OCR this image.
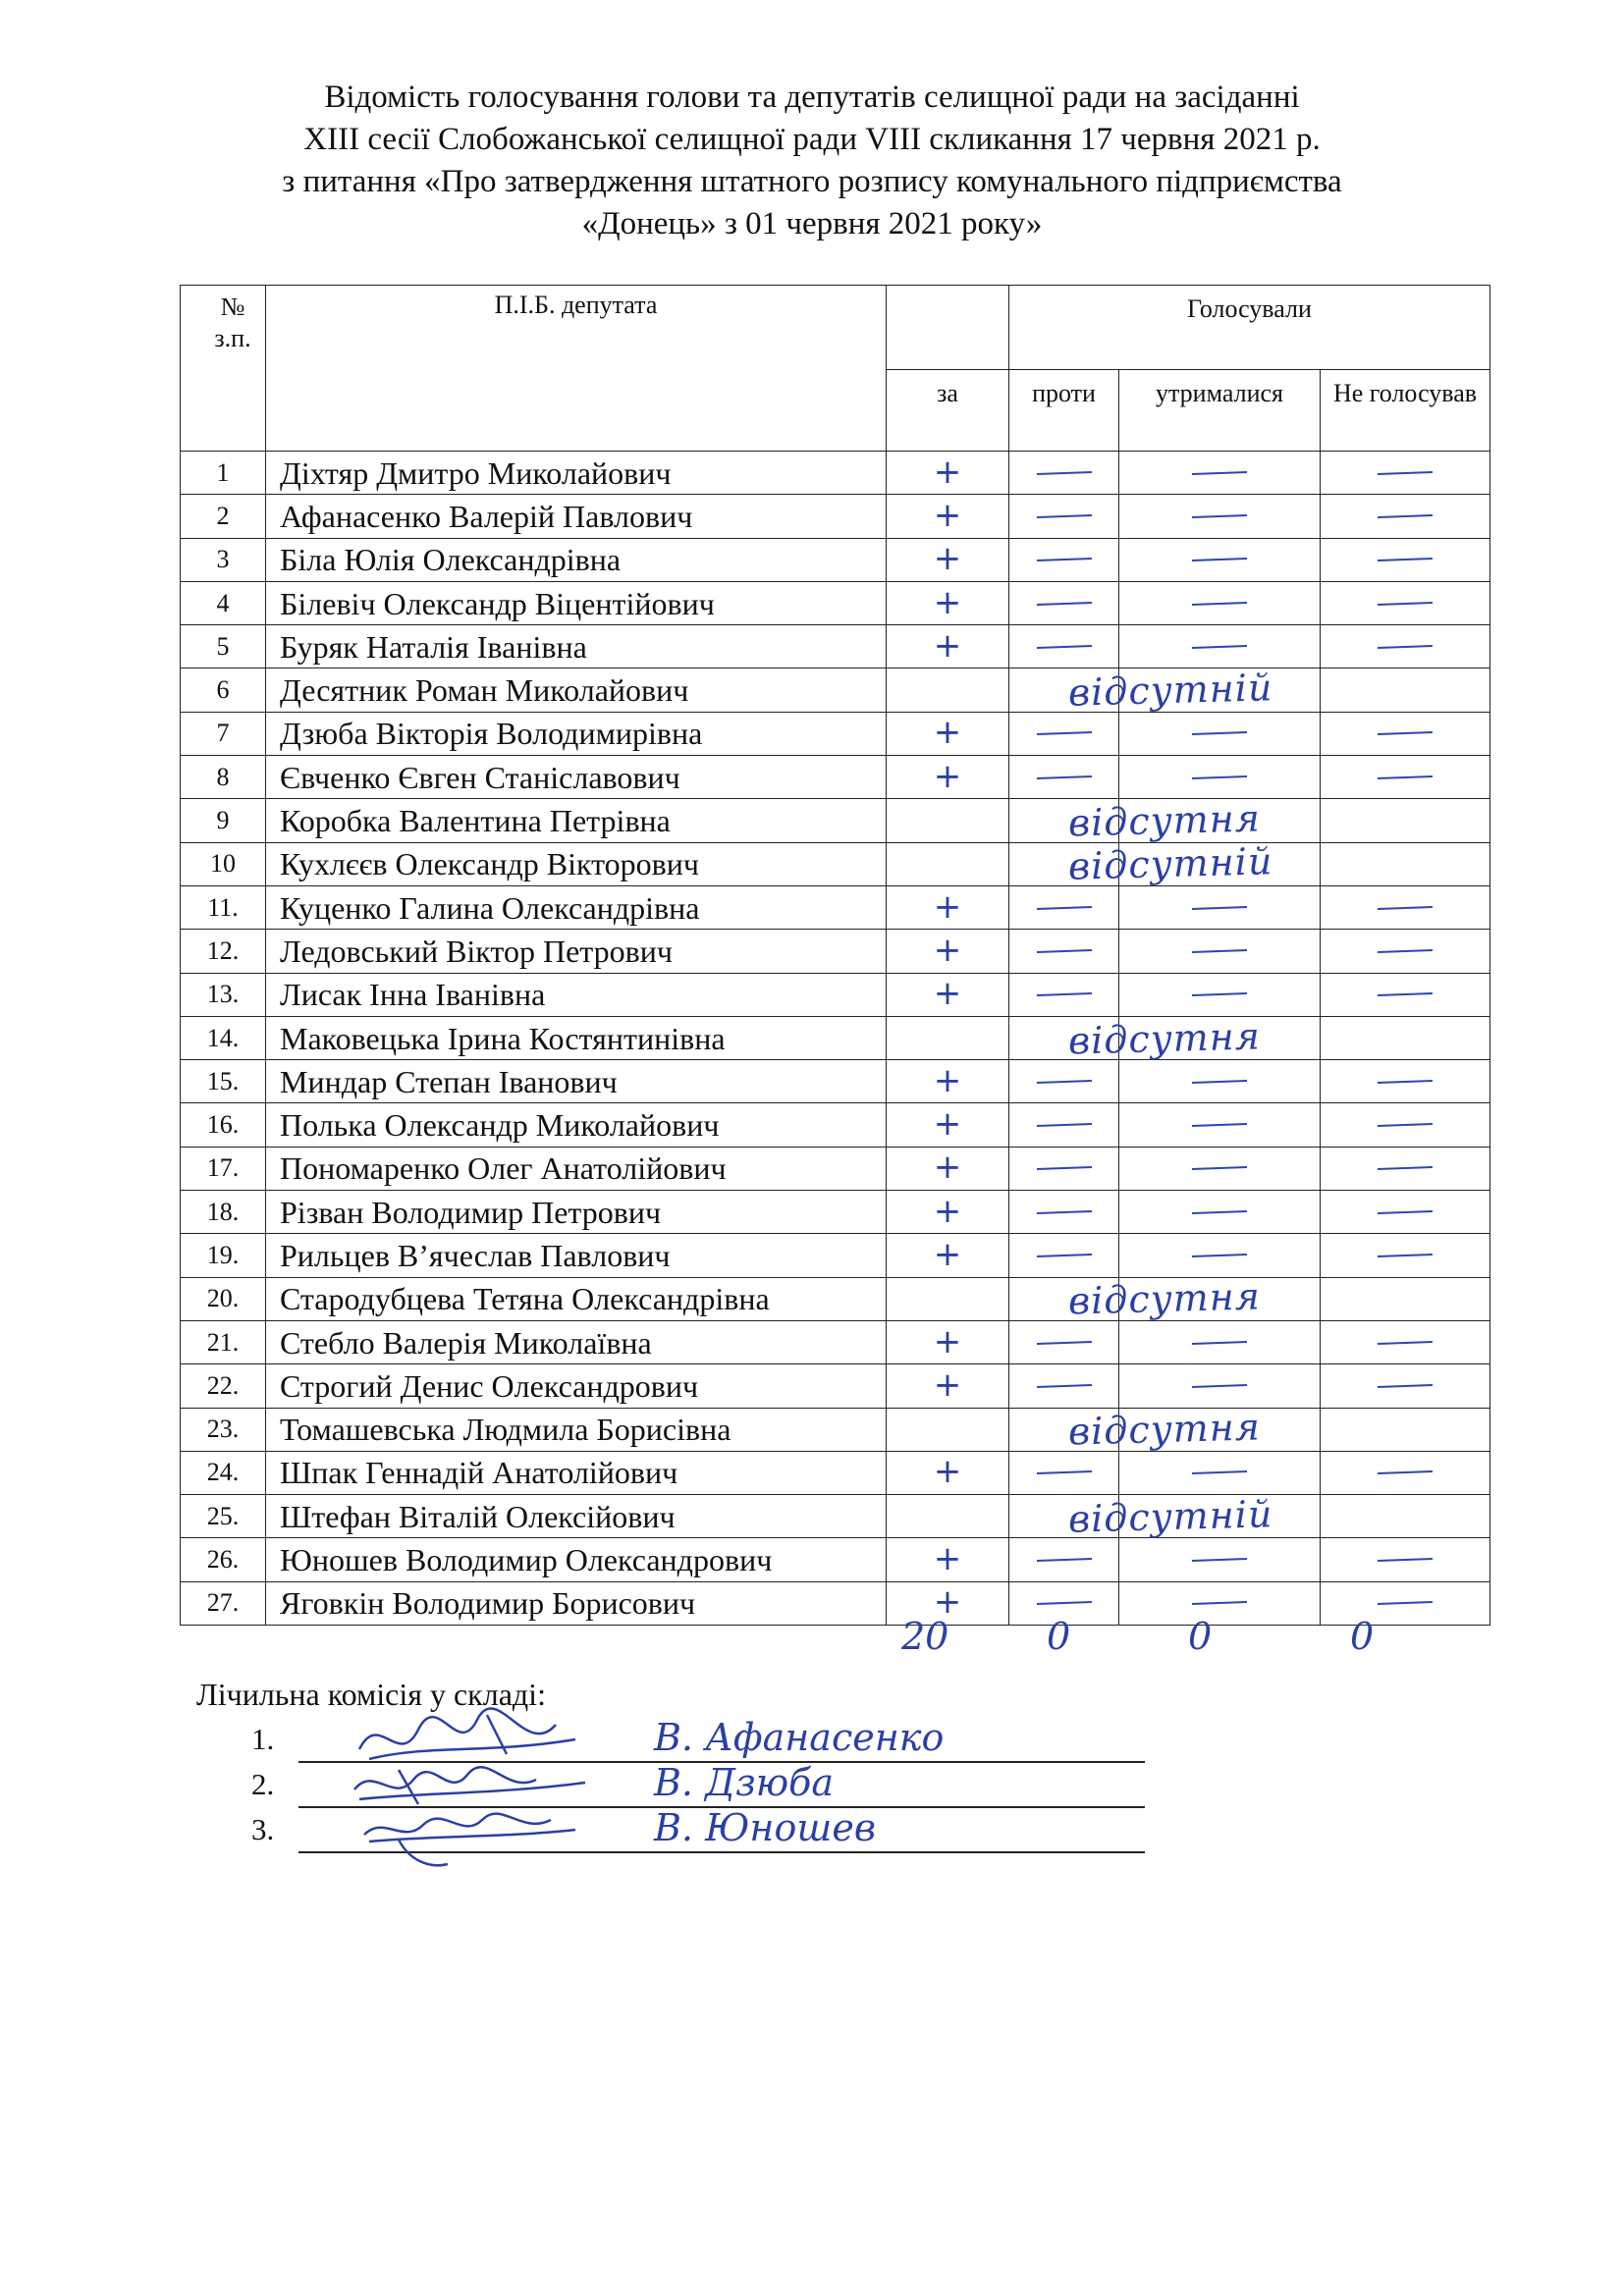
Відомість голосування голови та депутатів селищної ради на засіданні
XIII сесії Слобожанської селищної ради VIII скликання 17 червня 2021 р.
з питання «Про затвердження штатного розпису комунального підприємства
«Донець» з 01 червня 2021 року»
№ з.п.	П.І.Б. депутата		Голосували		
		за	проти	утрималися	Не голосував
1	Діхтяр Дмитро Миколайович	+			

2	Афанасенко Валерій Павлович	+			

3	Біла Юлія Олександрівна	+			

4	Білевіч Олександр Віцентійович	+			

5	Буряк Наталія Іванівна	+			

6	Десятник Роман Миколайович		відсутній		

7	Дзюба Вікторія Володимирівна	+			

8	Євченко Євген Станіславович	+			

9	Коробка Валентина Петрівна		відсутня		

10	Кухлєєв Олександр Вікторович		відсутній		

11.	Куценко Галина Олександрівна	+			

12.	Ледовський Віктор Петрович	+			

13.	Лисак Інна Іванівна	+			

14.	Маковецька Ірина Костянтинівна		відсутня		

15.	Миндар Степан Іванович	+			

16.	Полька Олександр Миколайович	+			

17.	Пономаренко Олег Анатолійович	+			

18.	Різван Володимир Петрович	+			

19.	Рильцев В’ячеслав Павлович	+			

20.	Стародубцева Тетяна Олександрівна		відсутня		

21.	Стебло Валерія Миколаївна	+			

22.	Строгий Денис Олександрович	+			

23.	Томашевська Людмила Борисівна		відсутня		

24.	Шпак Геннадій Анатолійович	+			

25.	Штефан Віталій Олексійович		відсутній		

26.	Юношев Володимир Олександрович	+			

27.	Яговкін Володимир Борисович	+			

20	0	0	0
Лічильна комісія у складі:
1.	В. Афанасенко
2.	В. Дзюба
3.	В. Юношев
